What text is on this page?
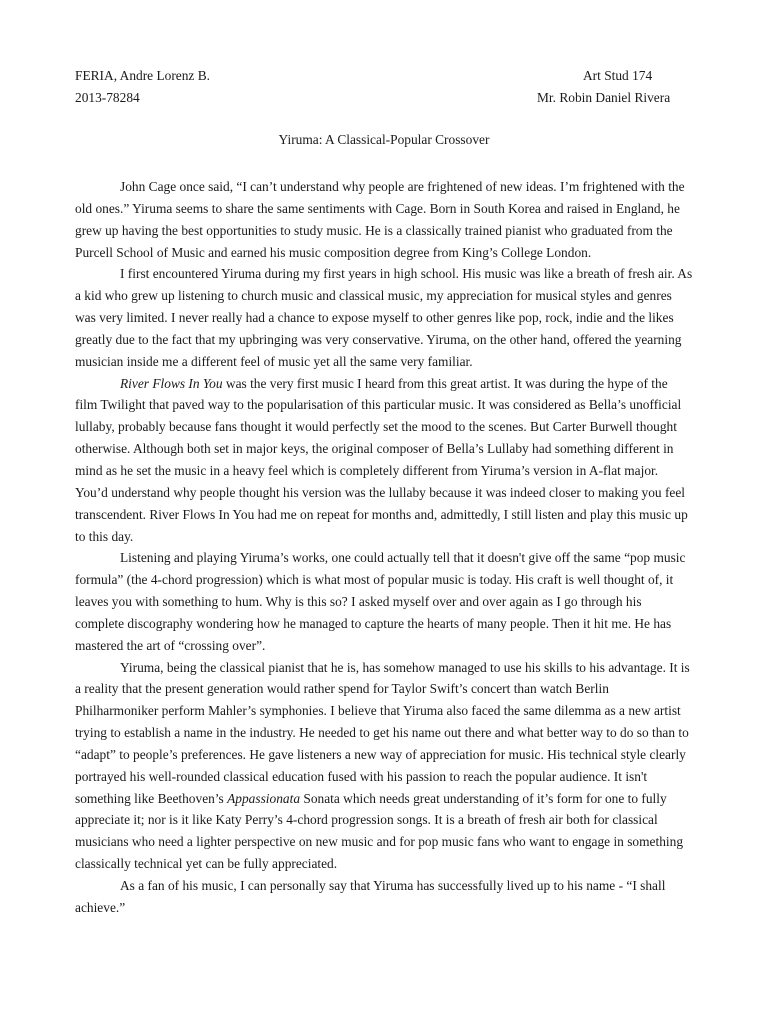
FERIA, Andre Lorenz B.	Art Stud 174
2013-78284	Mr. Robin Daniel Rivera
Yiruma: A Classical-Popular Crossover

John Cage once said, “I can’t understand why people are frightened of new ideas. I’m frightened with the old ones.” Yiruma seems to share the same sentiments with Cage. Born in South Korea and raised in England, he grew up having the best opportunities to study music. He is a classically trained pianist who graduated from the Purcell School of Music and earned his music composition degree from King’s College London.

I first encountered Yiruma during my first years in high school. His music was like a breath of fresh air. As a kid who grew up listening to church music and classical music, my appreciation for musical styles and genres was very limited. I never really had a chance to expose myself to other genres like pop, rock, indie and the likes greatly due to the fact that my upbringing was very conservative. Yiruma, on the other hand, offered the yearning musician inside me a different feel of music yet all the same very familiar.

River Flows In You was the very first music I heard from this great artist. It was during the hype of the film Twilight that paved way to the popularisation of this particular music. It was considered as Bella’s unofficial lullaby, probably because fans thought it would perfectly set the mood to the scenes. But Carter Burwell thought otherwise. Although both set in major keys, the original composer of Bella’s Lullaby had something different in mind as he set the music in a heavy feel which is completely different from Yiruma’s version in A-flat major. You’d understand why people thought his version was the lullaby because it was indeed closer to making you feel transcendent. River Flows In You had me on repeat for months and, admittedly, I still listen and play this music up to this day.

Listening and playing Yiruma’s works, one could actually tell that it doesn't give off the same “pop music formula” (the 4-chord progression) which is what most of popular music is today. His craft is well thought of, it leaves you with something to hum. Why is this so? I asked myself over and over again as I go through his complete discography wondering how he managed to capture the hearts of many people. Then it hit me. He has mastered the art of “crossing over”.

Yiruma, being the classical pianist that he is, has somehow managed to use his skills to his advantage. It is a reality that the present generation would rather spend for Taylor Swift’s concert than watch Berlin Philharmoniker perform Mahler’s symphonies. I believe that Yiruma also faced the same dilemma as a new artist trying to establish a name in the industry. He needed to get his name out there and what better way to do so than to “adapt” to people’s preferences. He gave listeners a new way of appreciation for music. His technical style clearly portrayed his well-rounded classical education fused with his passion to reach the popular audience. It isn't something like Beethoven’s Appassionata Sonata which needs great understanding of it’s form for one to fully appreciate it; nor is it like Katy Perry’s 4-chord progression songs. It is a breath of fresh air both for classical musicians who need a lighter perspective on new music and for pop music fans who want to engage in something classically technical yet can be fully appreciated.

As a fan of his music, I can personally say that Yiruma has successfully lived up to his name - “I shall achieve.”
